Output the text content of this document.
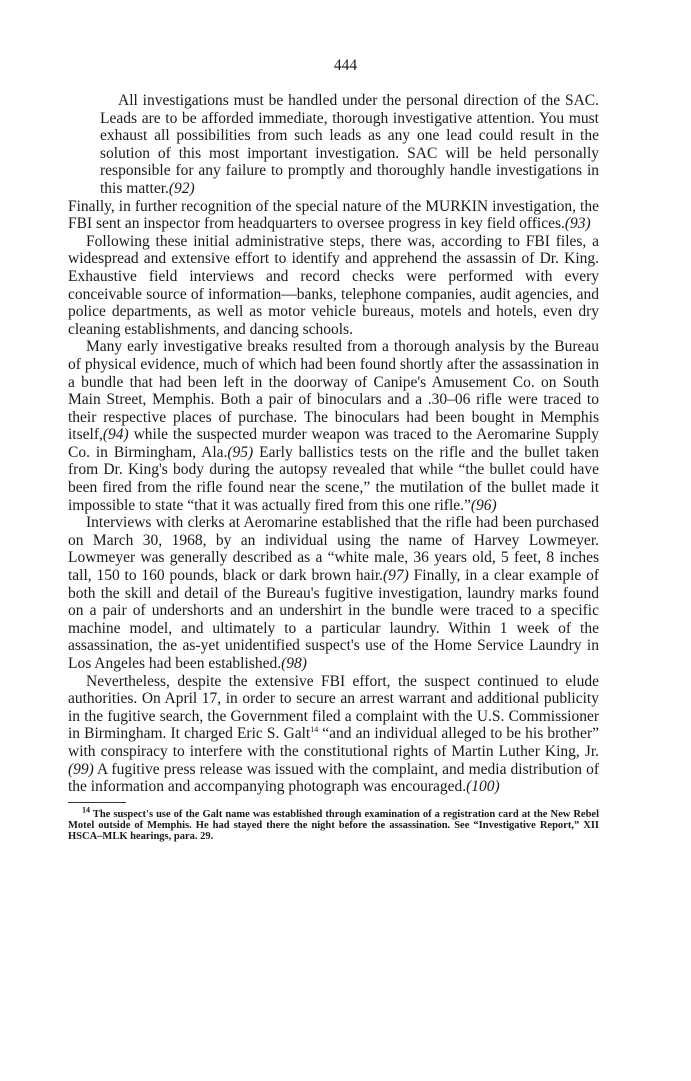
444

All investigations must be handled under the personal direction of the SAC. Leads are to be afforded immediate, thorough investigative attention. You must exhaust all possibilities from such leads as any one lead could result in the solution of this most important investigation. SAC will be held personally responsible for any failure to promptly and thoroughly handle investigations in this matter.(92)

Finally, in further recognition of the special nature of the MURKIN investigation, the FBI sent an inspector from headquarters to oversee progress in key field offices.(93)

Following these initial administrative steps, there was, according to FBI files, a widespread and extensive effort to identify and apprehend the assassin of Dr. King. Exhaustive field interviews and record checks were performed with every conceivable source of information—banks, telephone companies, audit agencies, and police departments, as well as motor vehicle bureaus, motels and hotels, even dry cleaning establishments, and dancing schools.

Many early investigative breaks resulted from a thorough analysis by the Bureau of physical evidence, much of which had been found shortly after the assassination in a bundle that had been left in the doorway of Canipe's Amusement Co. on South Main Street, Memphis. Both a pair of binoculars and a .30–06 rifle were traced to their respective places of purchase. The binoculars had been bought in Memphis itself,(94) while the suspected murder weapon was traced to the Aeromarine Supply Co. in Birmingham, Ala.(95) Early ballistics tests on the rifle and the bullet taken from Dr. King's body during the autopsy revealed that while “the bullet could have been fired from the rifle found near the scene,” the mutilation of the bullet made it impossible to state “that it was actually fired from this one rifle.”(96)

Interviews with clerks at Aeromarine established that the rifle had been purchased on March 30, 1968, by an individual using the name of Harvey Lowmeyer. Lowmeyer was generally described as a “white male, 36 years old, 5 feet, 8 inches tall, 150 to 160 pounds, black or dark brown hair.(97) Finally, in a clear example of both the skill and detail of the Bureau's fugitive investigation, laundry marks found on a pair of undershorts and an undershirt in the bundle were traced to a specific machine model, and ultimately to a particular laundry. Within 1 week of the assassination, the as-yet unidentified suspect's use of the Home Service Laundry in Los Angeles had been established.(98)

Nevertheless, despite the extensive FBI effort, the suspect continued to elude authorities. On April 17, in order to secure an arrest warrant and additional publicity in the fugitive search, the Government filed a complaint with the U.S. Commissioner in Birmingham. It charged Eric S. Galt$^{14}$ “and an individual alleged to be his brother” with conspiracy to interfere with the constitutional rights of Martin Luther King, Jr.(99) A fugitive press release was issued with the complaint, and media distribution of the information and accompanying photograph was encouraged.(100)

$^{14}$ The suspect's use of the Galt name was established through examination of a registration card at the New Rebel Motel outside of Memphis. He had stayed there the night before the assassination. See “Investigative Report,” XII HSCA–MLK hearings, para. 29.
